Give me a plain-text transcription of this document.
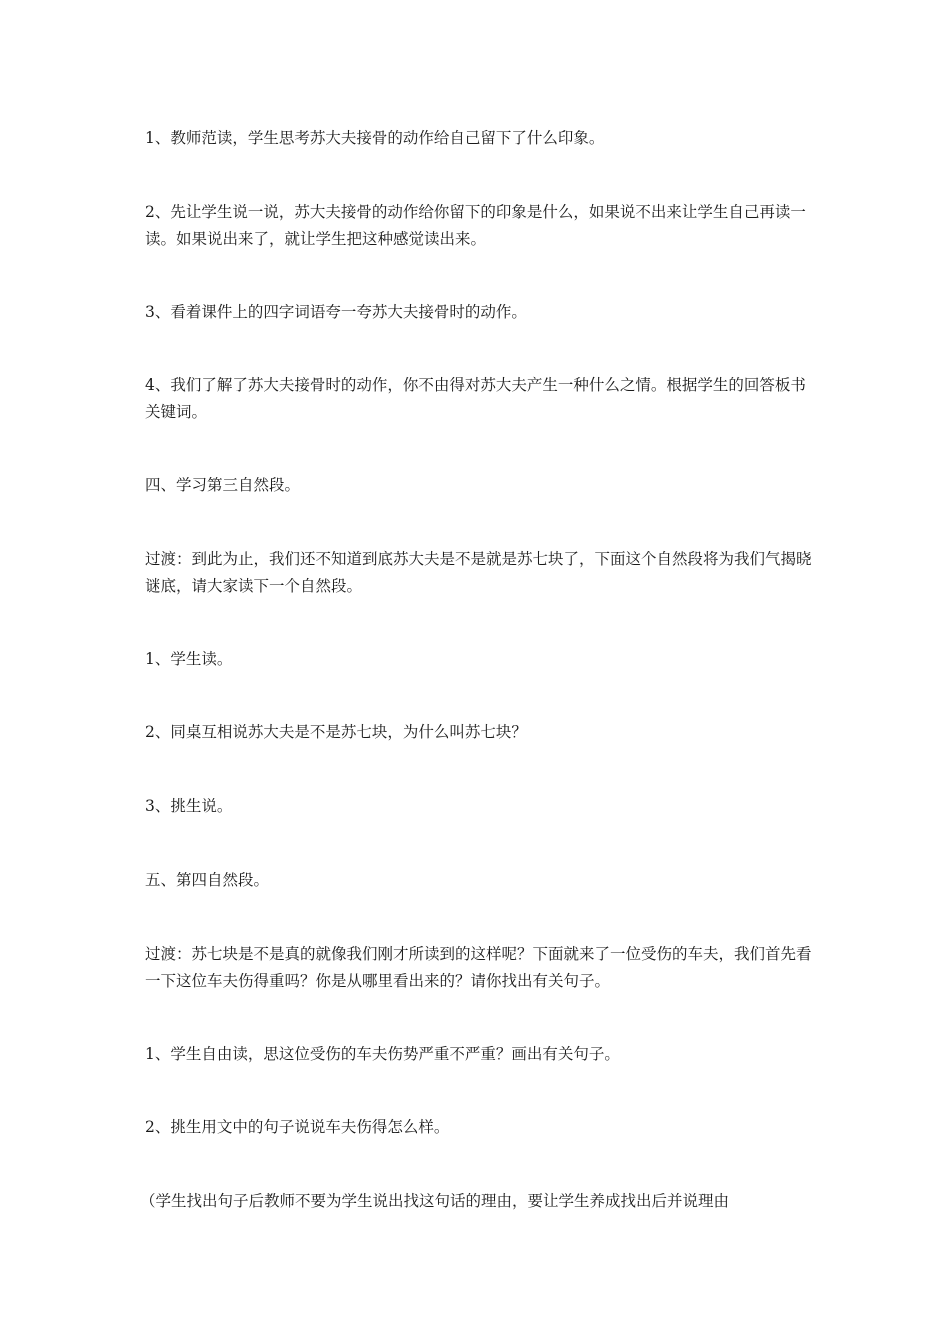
1、教师范读，学生思考苏大夫接骨的动作给自己留下了什么印象。

2、先让学生说一说，苏大夫接骨的动作给你留下的印象是什么，如果说不出来让学生自己再读一读。如果说出来了，就让学生把这种感觉读出来。

3、看着课件上的四字词语夸一夸苏大夫接骨时的动作。

4、我们了解了苏大夫接骨时的动作，你不由得对苏大夫产生一种什么之情。根据学生的回答板书关键词。

四、学习第三自然段。

过渡：到此为止，我们还不知道到底苏大夫是不是就是苏七块了，下面这个自然段将为我们气揭晓谜底，请大家读下一个自然段。

1、学生读。

2、同桌互相说苏大夫是不是苏七块，为什么叫苏七块？

3、挑生说。

五、第四自然段。

过渡：苏七块是不是真的就像我们刚才所读到的这样呢？下面就来了一位受伤的车夫，我们首先看一下这位车夫伤得重吗？你是从哪里看出来的？请你找出有关句子。

1、学生自由读，思这位受伤的车夫伤势严重不严重？画出有关句子。

2、挑生用文中的句子说说车夫伤得怎么样。

（学生找出句子后教师不要为学生说出找这句话的理由，要让学生养成找出后并说理由
